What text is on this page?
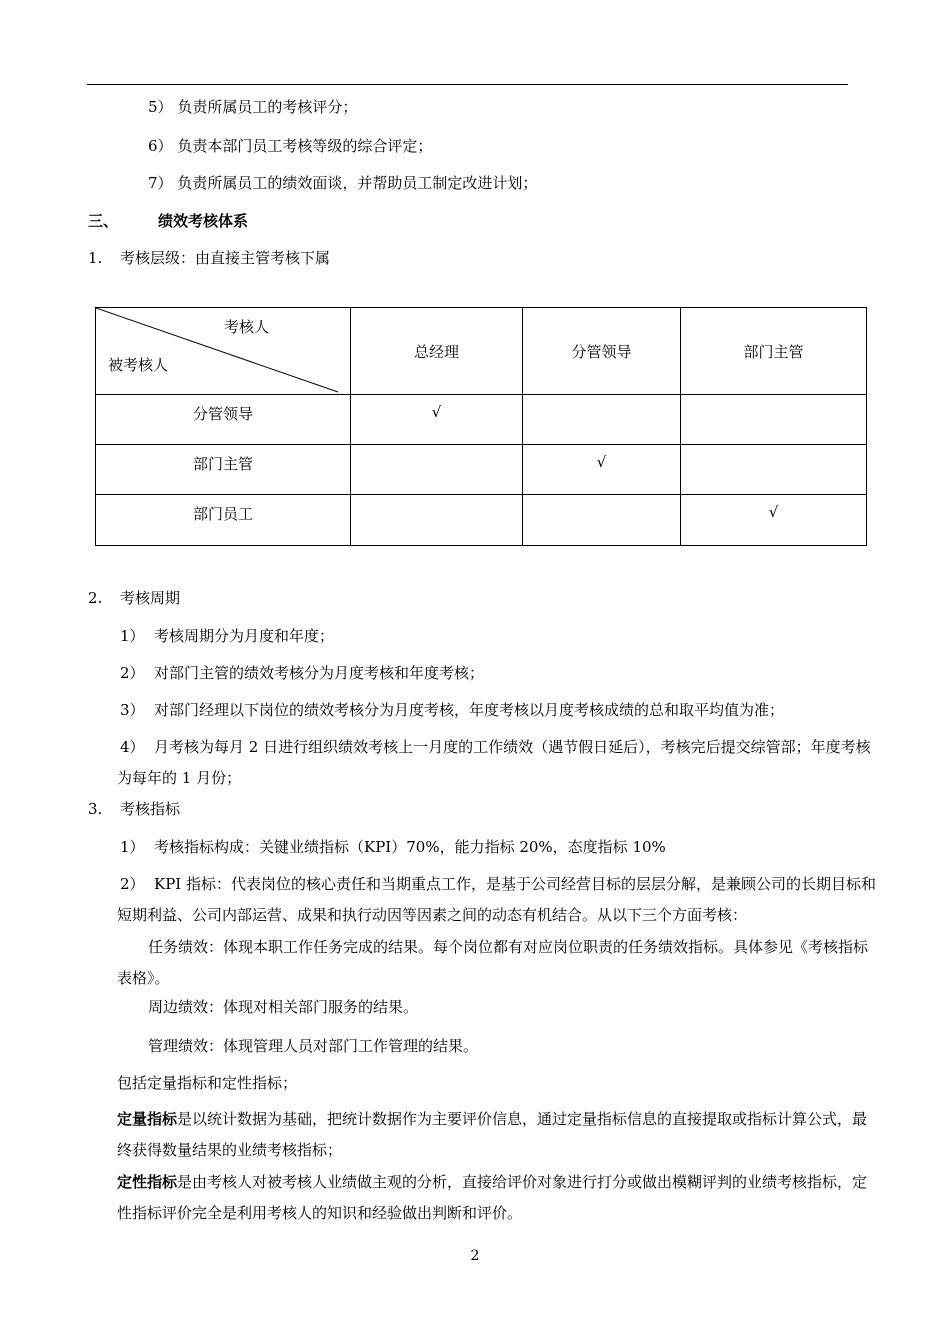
5） 负责所属员工的考核评分；
6） 负责本部门员工考核等级的综合评定；
7） 负责所属员工的绩效面谈，并帮助员工制定改进计划；
三、	绩效考核体系
1. 考核层级：由直接主管考核下属
考核人
被考核人	总经理	分管领导	部门主管
分管领导	√		
部门主管		√	
部门员工			√
2. 考核周期
1） 考核周期分为月度和年度；
2） 对部门主管的绩效考核分为月度考核和年度考核；
3） 对部门经理以下岗位的绩效考核分为月度考核，年度考核以月度考核成绩的总和取平均值为准；
4） 月考核为每月 2 日进行组织绩效考核上一月度的工作绩效（遇节假日延后），考核完后提交综管部；年度考核为每年的 1 月份；
3. 考核指标
1） 考核指标构成：关键业绩指标（KPI）70%，能力指标 20%，态度指标 10%
2） KPI 指标：代表岗位的核心责任和当期重点工作，是基于公司经营目标的层层分解，是兼顾公司的长期目标和短期利益、公司内部运营、成果和执行动因等因素之间的动态有机结合。从以下三个方面考核：
任务绩效：体现本职工作任务完成的结果。每个岗位都有对应岗位职责的任务绩效指标。具体参见《考核指标表格》。
周边绩效：体现对相关部门服务的结果。
管理绩效：体现管理人员对部门工作管理的结果。
包括定量指标和定性指标；
定量指标是以统计数据为基础，把统计数据作为主要评价信息，通过定量指标信息的直接提取或指标计算公式，最终获得数量结果的业绩考核指标；
定性指标是由考核人对被考核人业绩做主观的分析，直接给评价对象进行打分或做出模糊评判的业绩考核指标，定性指标评价完全是利用考核人的知识和经验做出判断和评价。
2
